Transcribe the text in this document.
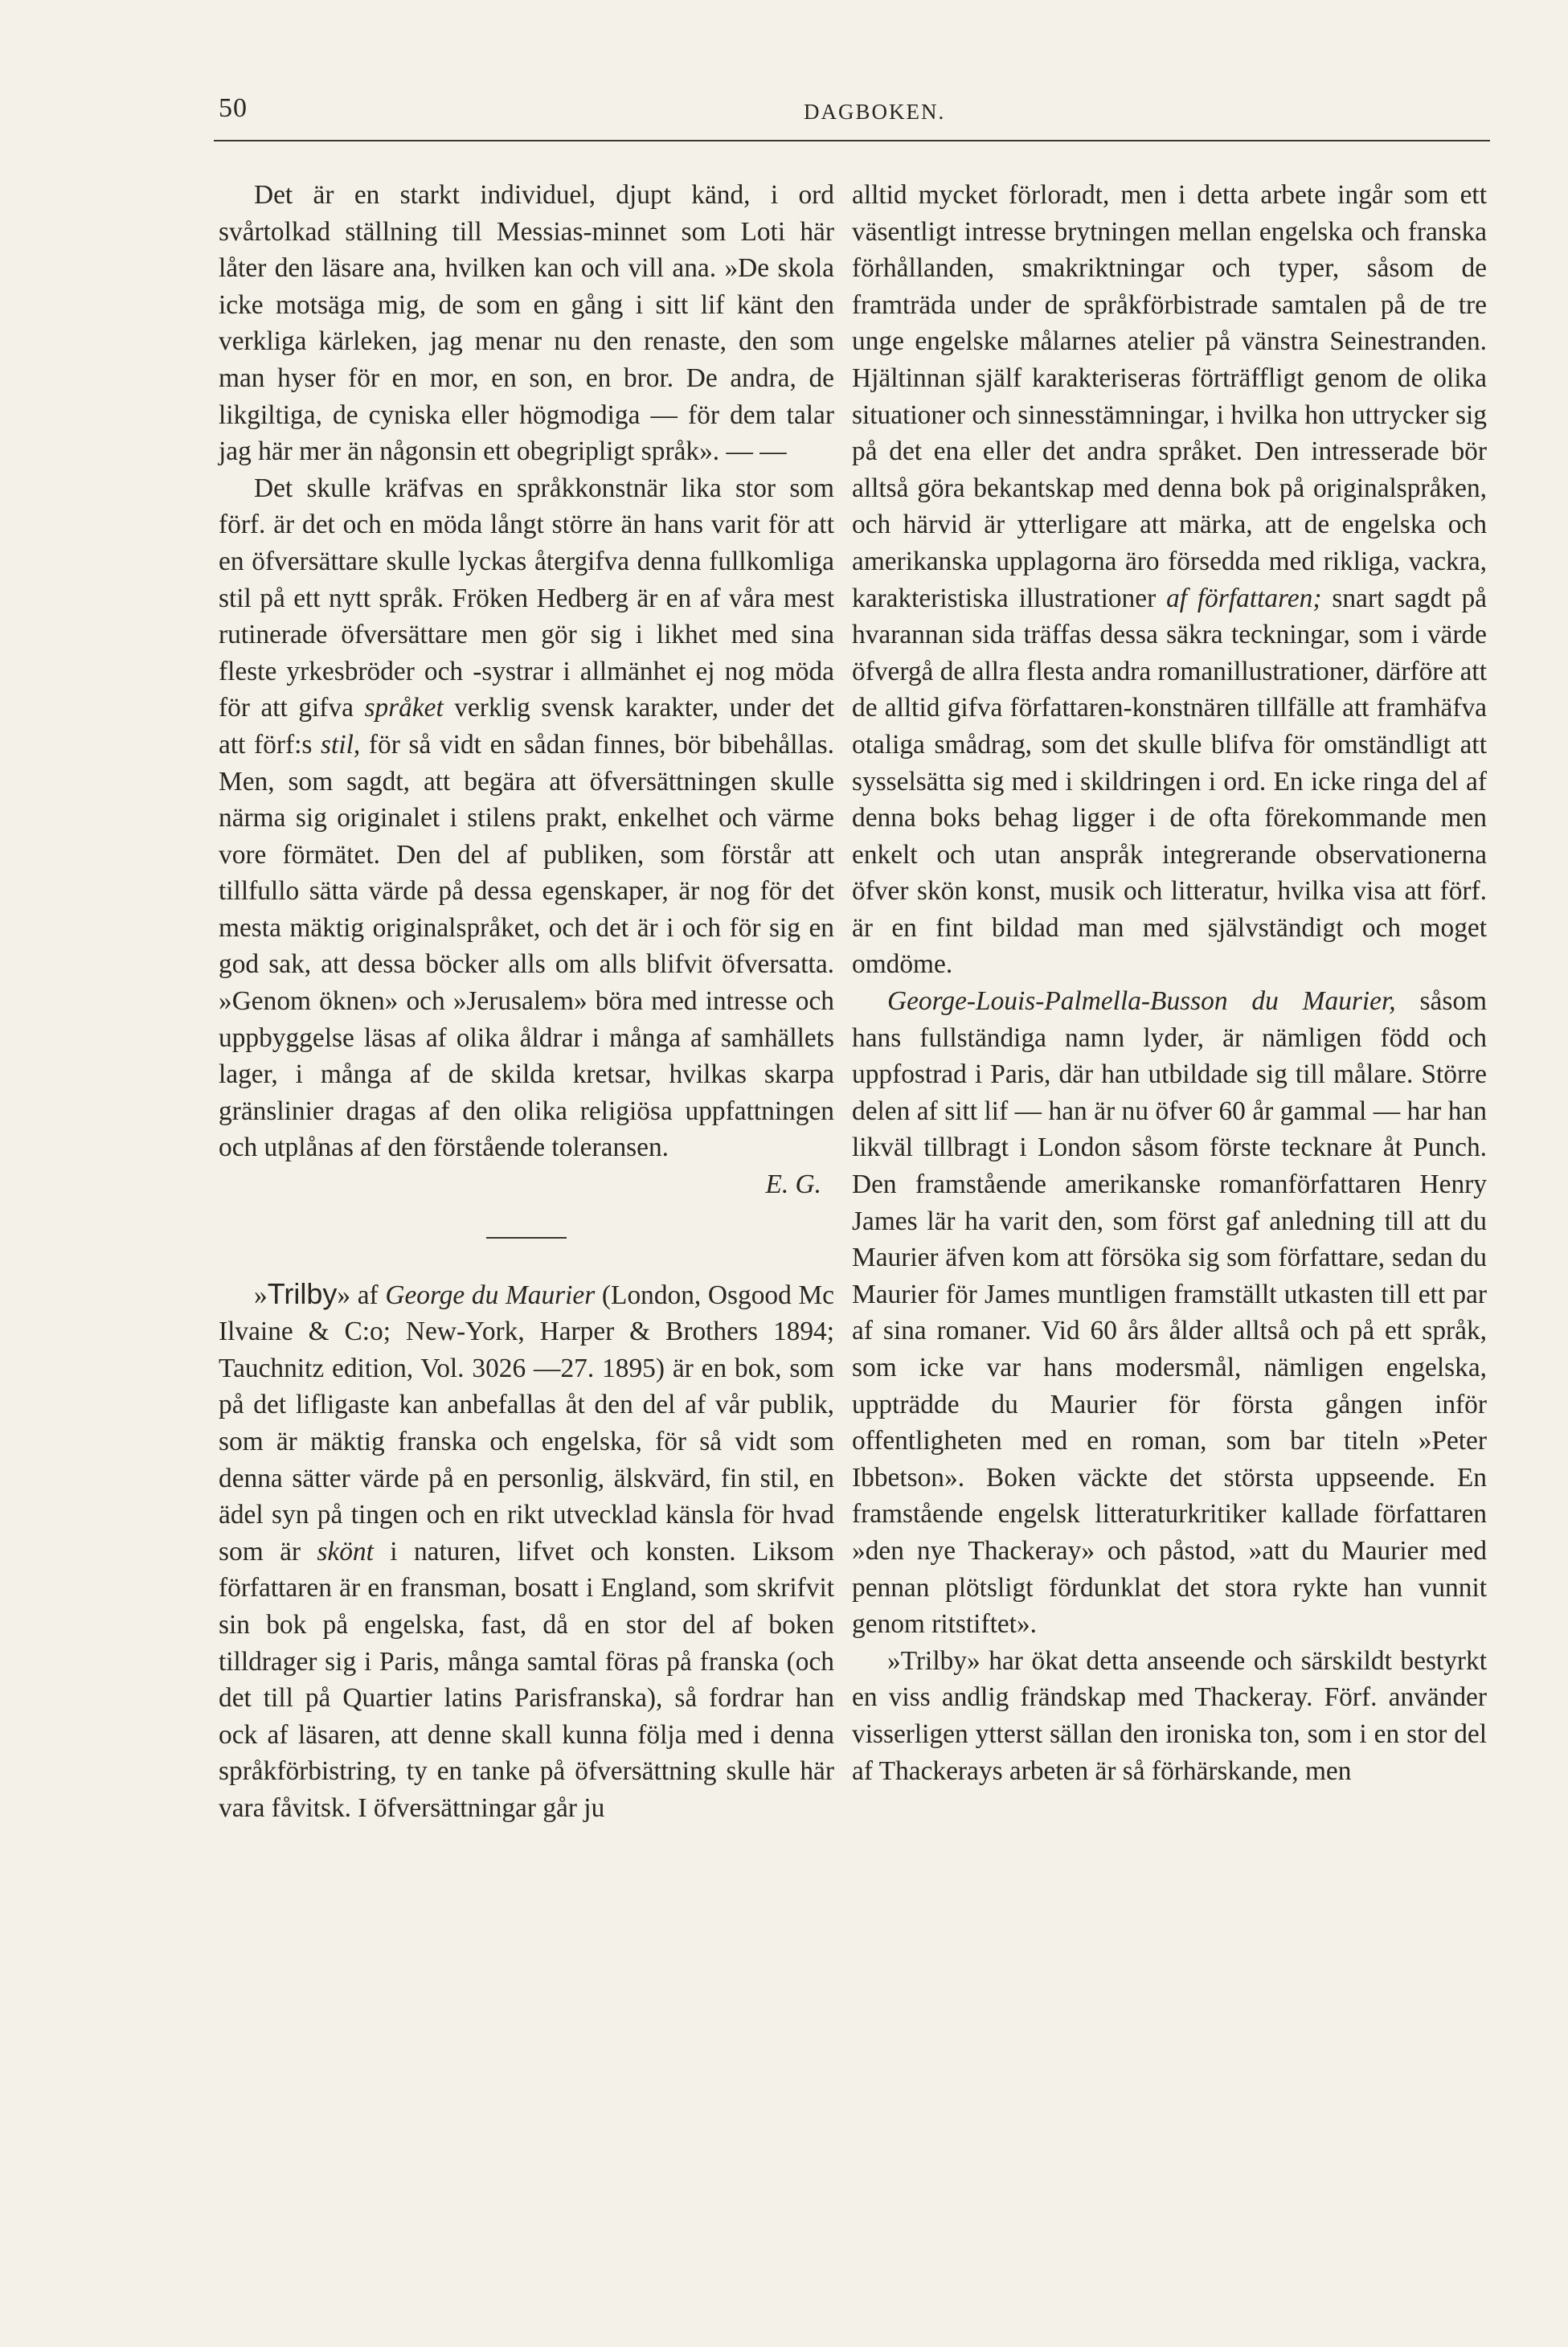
50	DAGBOKEN.

Det är en starkt individuel, djupt känd, i ord svårtolkad ställning till Messias-minnet som Loti här låter den läsare ana, hvilken kan och vill ana. »De skola icke motsäga mig, de som en gång i sitt lif känt den verkliga kärleken, jag menar nu den renaste, den som man hyser för en mor, en son, en bror. De andra, de likgiltiga, de cyniska eller högmodiga — för dem talar jag här mer än någonsin ett obegripligt språk». — —

Det skulle kräfvas en språkkonstnär lika stor som förf. är det och en möda långt större än hans varit för att en öfversättare skulle lyckas återgifva denna fullkomliga stil på ett nytt språk. Fröken Hedberg är en af våra mest rutinerade öfversättare men gör sig i likhet med sina fleste yrkesbröder och -systrar i allmänhet ej nog möda för att gifva språket verklig svensk karakter, under det att förf:s stil, för så vidt en sådan finnes, bör bibehållas. Men, som sagdt, att begära att öfversättningen skulle närma sig originalet i stilens prakt, enkelhet och värme vore förmätet. Den del af publiken, som förstår att tillfullo sätta värde på dessa egenskaper, är nog för det mesta mäktig originalspråket, och det är i och för sig en god sak, att dessa böcker alls om alls blifvit öfversatta. »Genom öknen» och »Jerusalem» böra med intresse och uppbyggelse läsas af olika åldrar i många af samhällets lager, i många af de skilda kretsar, hvilkas skarpa gränslinier dragas af den olika religiösa uppfattningen och utplånas af den förstående toleransen.

E. G.

»Trilby» af George du Maurier (London, Osgood Mc Ilvaine & C:o; New-York, Harper & Brothers 1894; Tauchnitz edition, Vol. 3026 —27. 1895) är en bok, som på det lifligaste kan anbefallas åt den del af vår publik, som är mäktig franska och engelska, för så vidt som denna sätter värde på en personlig, älskvärd, fin stil, en ädel syn på tingen och en rikt utvecklad känsla för hvad som är skönt i naturen, lifvet och konsten. Liksom författaren är en fransman, bosatt i England, som skrifvit sin bok på engelska, fast, då en stor del af boken tilldrager sig i Paris, många samtal föras på franska (och det till på Quartier latins Parisfranska), så fordrar han ock af läsaren, att denne skall kunna följa med i denna språkförbistring, ty en tanke på öfversättning skulle här vara fåvitsk. I öfversättningar går ju

alltid mycket förloradt, men i detta arbete ingår som ett väsentligt intresse brytningen mellan engelska och franska förhållanden, smakriktningar och typer, såsom de framträda under de språkförbistrade samtalen på de tre unge engelske målarnes atelier på vänstra Seinestranden. Hjältinnan själf karakteriseras förträffligt genom de olika situationer och sinnesstämningar, i hvilka hon uttrycker sig på det ena eller det andra språket. Den intresserade bör alltså göra bekantskap med denna bok på originalspråken, och härvid är ytterligare att märka, att de engelska och amerikanska upplagorna äro försedda med rikliga, vackra, karakteristiska illustrationer af författaren; snart sagdt på hvarannan sida träffas dessa säkra teckningar, som i värde öfvergå de allra flesta andra romanillustrationer, därföre att de alltid gifva författaren-konstnären tillfälle att framhäfva otaliga smådrag, som det skulle blifva för omständligt att sysselsätta sig med i skildringen i ord. En icke ringa del af denna boks behag ligger i de ofta förekommande men enkelt och utan anspråk integrerande observationerna öfver skön konst, musik och litteratur, hvilka visa att förf. är en fint bildad man med självständigt och moget omdöme.

George-Louis-Palmella-Busson du Maurier, såsom hans fullständiga namn lyder, är nämligen född och uppfostrad i Paris, där han utbildade sig till målare. Större delen af sitt lif — han är nu öfver 60 år gammal — har han likväl tillbragt i London såsom förste tecknare åt Punch. Den framstående amerikanske romanförfattaren Henry James lär ha varit den, som först gaf anledning till att du Maurier äfven kom att försöka sig som författare, sedan du Maurier för James muntligen framställt utkasten till ett par af sina romaner. Vid 60 års ålder alltså och på ett språk, som icke var hans modersmål, nämligen engelska, uppträdde du Maurier för första gången inför offentligheten med en roman, som bar titeln »Peter Ibbetson». Boken väckte det största uppseende. En framstående engelsk litteraturkritiker kallade författaren »den nye Thackeray» och påstod, »att du Maurier med pennan plötsligt fördunklat det stora rykte han vunnit genom ritstiftet».

»Trilby» har ökat detta anseende och särskildt bestyrkt en viss andlig frändskap med Thackeray. Förf. använder visserligen ytterst sällan den ironiska ton, som i en stor del af Thackerays arbeten är så förhärskande, men
